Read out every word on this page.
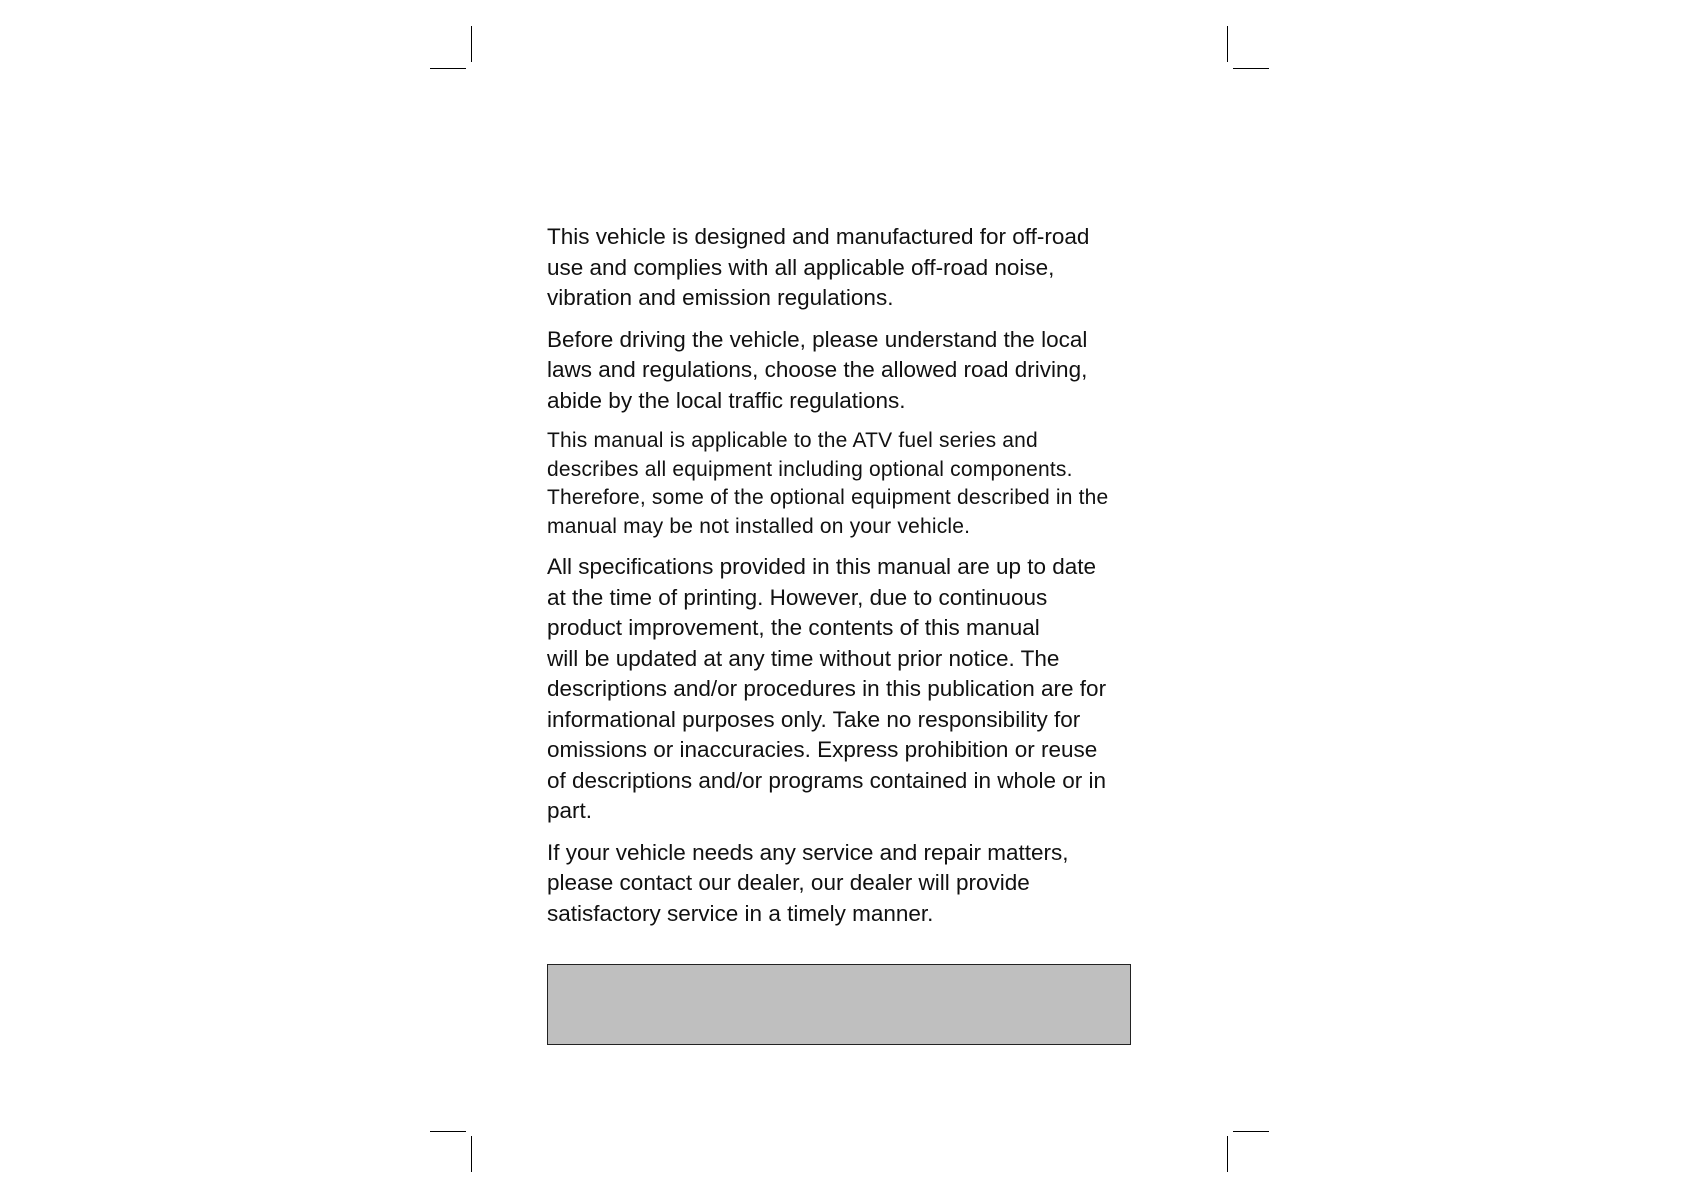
This vehicle is designed and manufactured for off-road
use and complies with all applicable off-road noise,
vibration and emission regulations.

Before driving the vehicle, please understand the local
laws and regulations, choose the allowed road driving,
abide by the local traffic regulations.

This manual is applicable to the ATV fuel series and
describes all equipment including optional components.
Therefore, some of the optional equipment described in the
manual may be not installed on your vehicle.

All specifications provided in this manual are up to date
at the time of printing. However, due to continuous
product improvement, the contents of this manual
will be updated at any time without prior notice. The
descriptions and/or procedures in this publication are for
informational purposes only. Take no responsibility for
omissions or inaccuracies. Express prohibition or reuse
of descriptions and/or programs contained in whole or in
part.

If your vehicle needs any service and repair matters,
please contact our dealer, our dealer will provide
satisfactory service in a timely manner.
